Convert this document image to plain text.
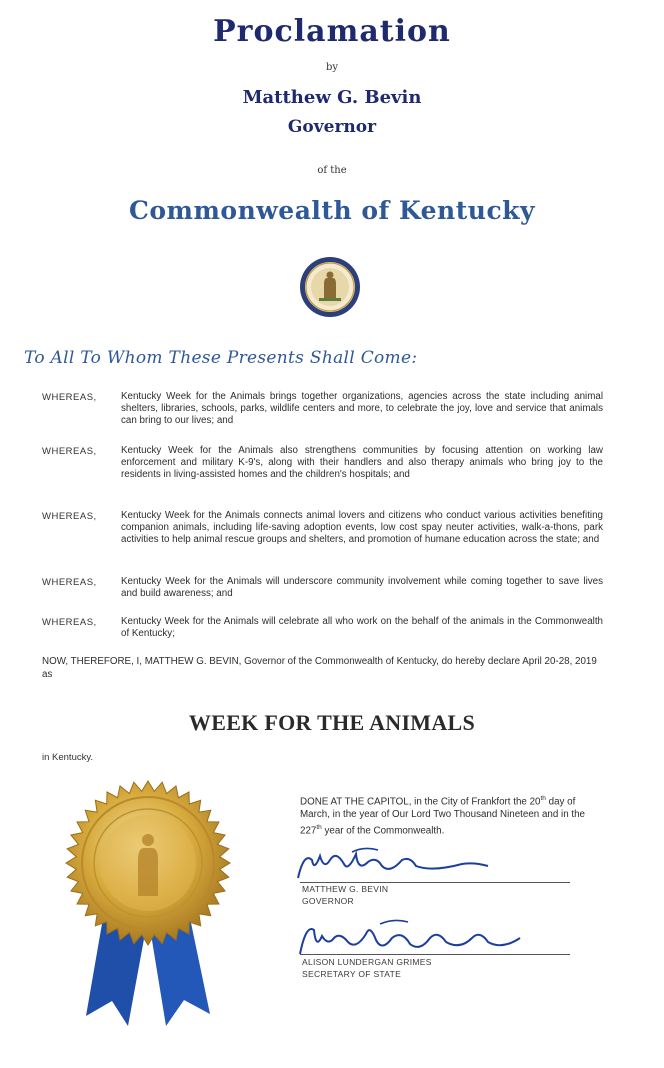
Proclamation
by
Matthew G. Bevin
Governor
of the
Commonwealth of Kentucky
To All To Whom These Presents Shall Come:
WHEREAS, Kentucky Week for the Animals brings together organizations, agencies across the state including animal shelters, libraries, schools, parks, wildlife centers and more, to celebrate the joy, love and service that animals can bring to our lives; and
WHEREAS, Kentucky Week for the Animals also strengthens communities by focusing attention on working law enforcement and military K-9's, along with their handlers and also therapy animals who bring joy to the residents in living-assisted homes and the children's hospitals; and
WHEREAS, Kentucky Week for the Animals connects animal lovers and citizens who conduct various activities benefiting companion animals, including life-saving adoption events, low cost spay neuter activities, walk-a-thons, park activities to help animal rescue groups and shelters, and promotion of humane education across the state; and
WHEREAS, Kentucky Week for the Animals will underscore community involvement while coming together to save lives and build awareness; and
WHEREAS, Kentucky Week for the Animals will celebrate all who work on the behalf of the animals in the Commonwealth of Kentucky;
NOW, THEREFORE, I, MATTHEW G. BEVIN, Governor of the Commonwealth of Kentucky, do hereby declare April 20-28, 2019 as
WEEK FOR THE ANIMALS
in Kentucky.
DONE AT THE CAPITOL, in the City of Frankfort the 20th day of March, in the year of Our Lord Two Thousand Nineteen and in the 227th year of the Commonwealth.
MATTHEW G. BEVIN
GOVERNOR
ALISON LUNDERGAN GRIMES
SECRETARY OF STATE
